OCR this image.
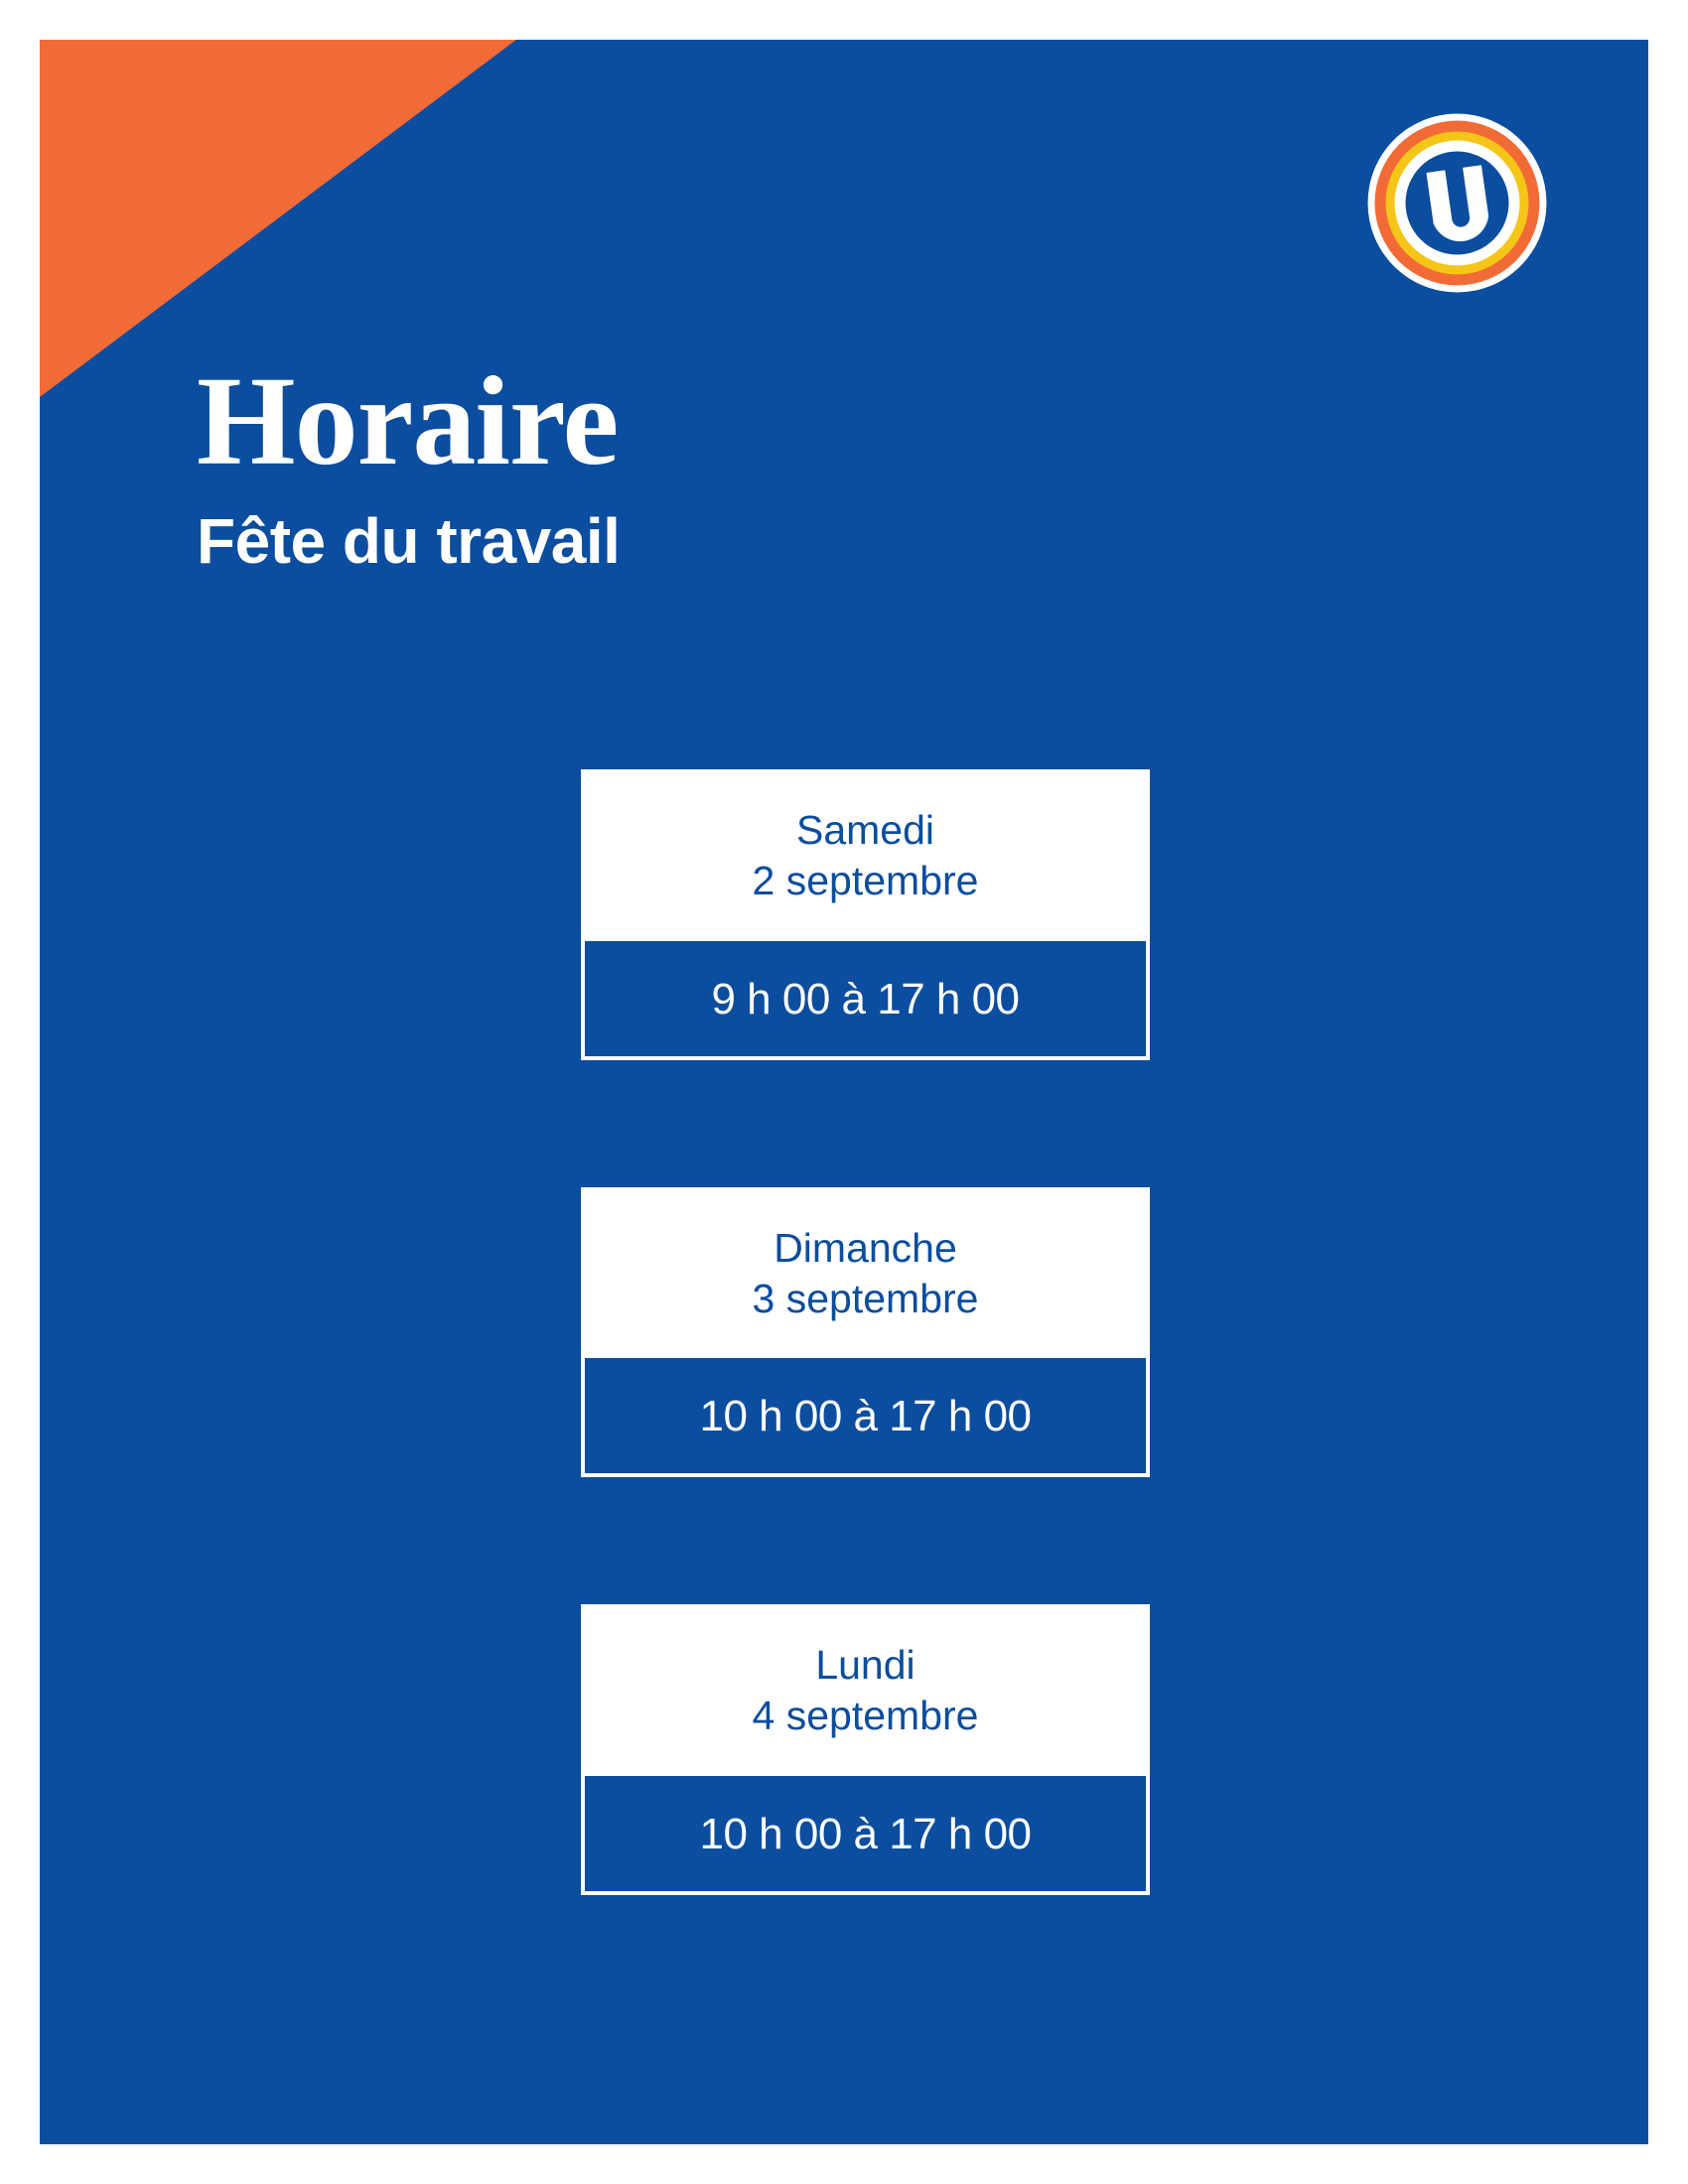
Horaire
Fête du travail
Samedi
2 septembre
9 h 00 à 17 h 00
Dimanche
3 septembre
10 h 00 à 17 h 00
Lundi
4 septembre
10 h 00 à 17 h 00
